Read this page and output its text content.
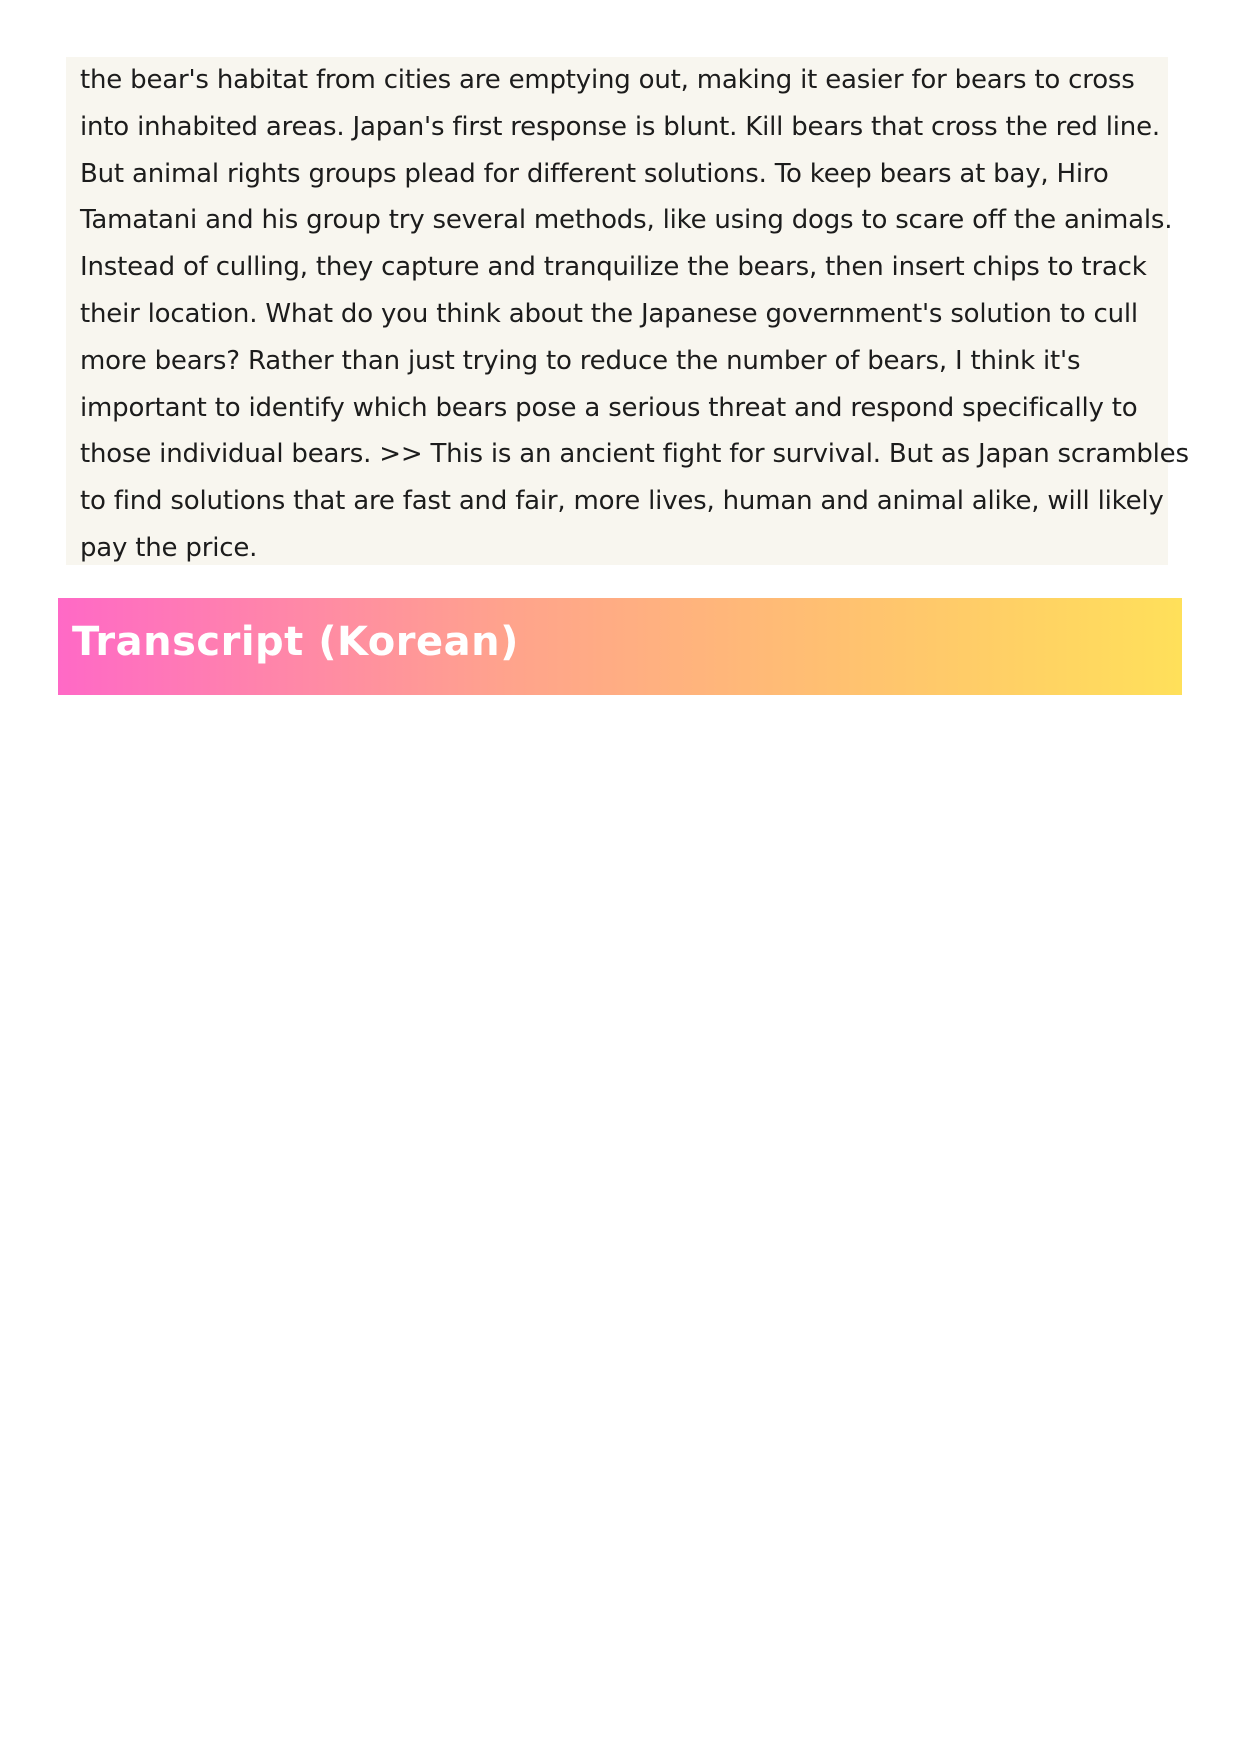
the bear's habitat from cities are emptying out, making it easier for bears to cross
into inhabited areas. Japan's first response is blunt. Kill bears that cross the red line.
But animal rights groups plead for different solutions. To keep bears at bay, Hiro
Tamatani and his group try several methods, like using dogs to scare off the animals.
Instead of culling, they capture and tranquilize the bears, then insert chips to track
their location. What do you think about the Japanese government's solution to cull
more bears? Rather than just trying to reduce the number of bears, I think it's
important to identify which bears pose a serious threat and respond specifically to
those individual bears. >> This is an ancient fight for survival. But as Japan scrambles
to find solutions that are fast and fair, more lives, human and animal alike, will likely
pay the price.
Transcript (Korean)
